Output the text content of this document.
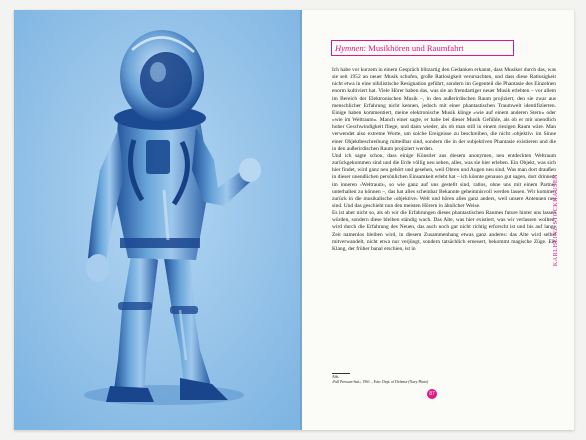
Hymnen: Musikhören und Raumfahrt

Ich habe vor kurzem in einem Gespräch blitzartig den Gedanken erkannt, dass Musiker durch das, was sie seit 1952 an neuer Musik schufen, große Ratlosigkeit verursachten, und dass diese Ratlosigkeit nicht etwa in eine nihilistische Resignation geführt, sondern im Gegenteil die Phantasie des Einzelnen enorm kultiviert hat. Viele Hörer haben das, was sie an fremdartiger neuer Musik erlebten – vor allem im Bereich der Elektronischen Musik –, in den außerirdischen Raum projiziert, den sie zwar aus menschlicher Erfahrung nicht kennen, jedoch mit einer phantastischen Traumwelt identifizierten. Einige haben kommentiert, meine elektronische Musik klinge »wie auf einem anderen Stern« oder »wie im Weltraum«. Manch einer sagte, er habe bei dieser Musik Gefühle, als ob er mit unendlich hoher Geschwindigkeit fliege, und dann wieder, als ob man still in einem riesigen Raum wäre. Man verwendet also extreme Worte, um solche Ereignisse zu beschreiben, die nicht ›objektiv‹ im Sinne einer Objektbeschreibung mitteilbar sind, sondern die in der subjektiven Phantasie existieren und die in den außerirdischen Raum projiziert werden.

Und ich sagte schon, dass einige Künstler aus diesem anonymen, neu entdeckten Weltraum zurückgekommen sind und die Erde völlig neu sehen, alles, was sie hier erleben. Ein Objekt, was sich hier findet, wird ganz neu gehört und gesehen, weil Ohren und Augen neu sind. Was man dort draußen in dieser unendlichen persönlichen Einsamkeit erlebt hat – ich könnte genauso gut sagen, dort drinnen, im inneren ›Weltraum‹, so wie ganz auf uns gestellt sind, ratlos, ohne uns mit einem Partner unterhalten zu können –, das hat alles scheinbar Bekannte geheimnisvoll werden lassen. Wir kommen zurück in die musikalische ›objektive‹ Welt und hören alles ganz anders, weil unsere Antennen neu sind. Und das geschieht nun den meisten Hörern in ähnlicher Weise.

Es ist aber nicht so, als ob wir die Erfahrungen dieses phantastischen Raumes future hinter uns lassen würden, sondern diese bleiben ständig wach. Das Alte, was hier existiert, was wir verlassen wollten, wird durch die Erfahrung des Neuen, das auch noch gar nicht richtig erforscht ist und bis auf lange Zeit namenlos bleiben wird, in diesem Zusammenhang etwas ganz anderes: das Alte wird selbst mitverwandelt, nicht etwa nur verjüngt, sondern tatsächlich erneuert, bekommt magische Züge. Ein Klang, der früher banal erschien, ist in

Abb.
›Full Pressure Suit‹, 1961 – Foto: Dept. of Defense (Navy Photo)
87
KARLHEINZ STOCKHAUSEN
